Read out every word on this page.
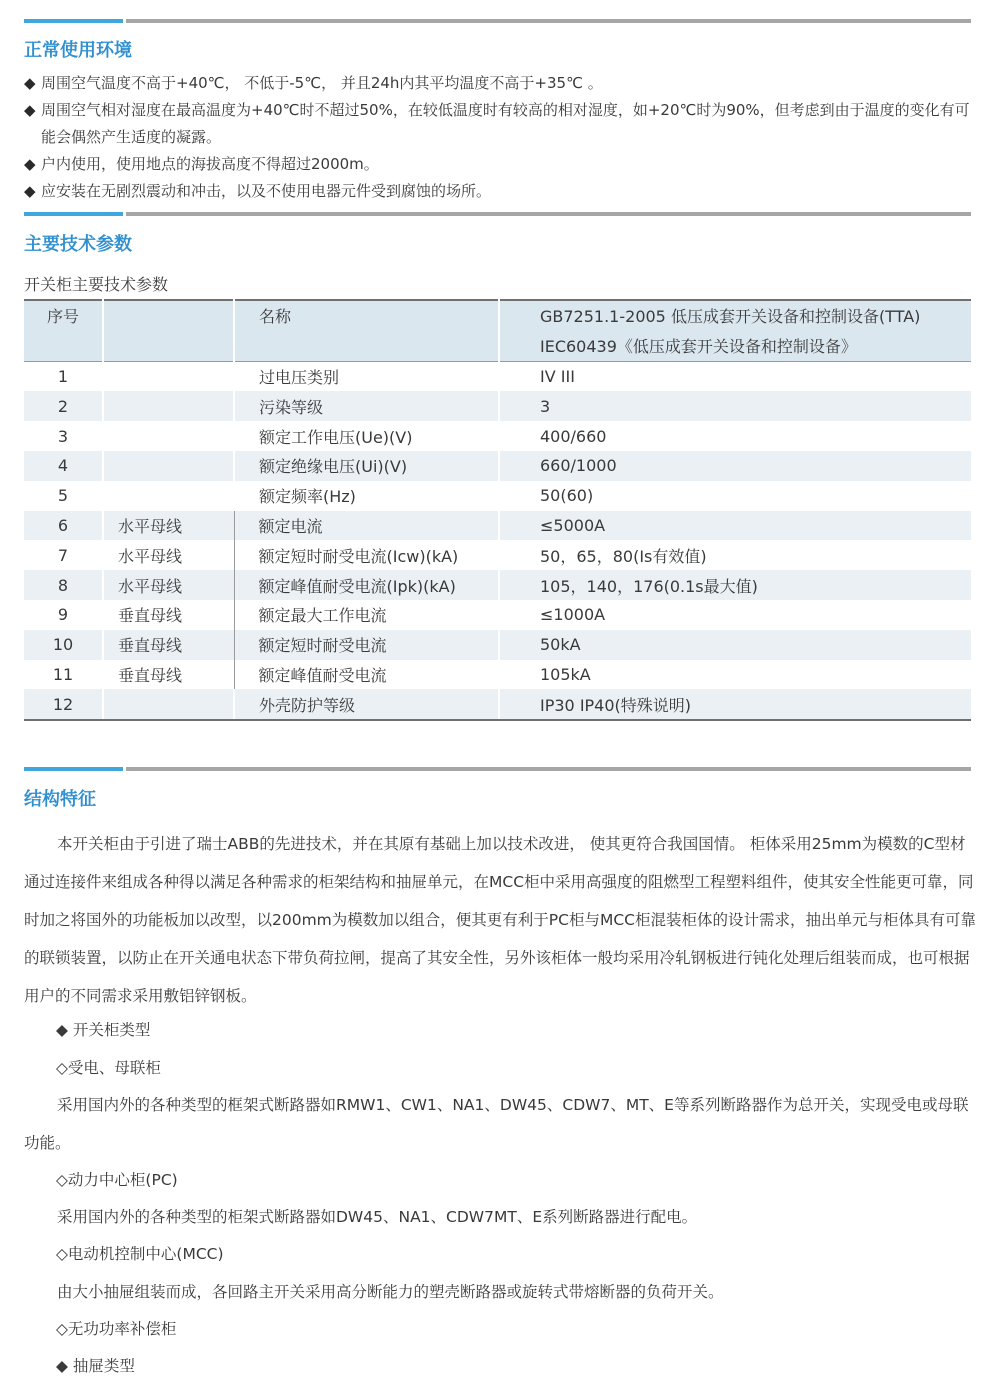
正常使用环境
◆ 周围空气温度不高于+40℃， 不低于-5℃， 并且24h内其平均温度不高于+35℃ 。
◆ 周围空气相对湿度在最高温度为+40℃时不超过50%，在较低温度时有较高的相对湿度，如+20℃时为90%，但考虑到由于温度的变化有可能会偶然产生适度的凝露。
◆ 户内使用，使用地点的海拔高度不得超过2000m。
◆ 应安装在无剧烈震动和冲击，以及不使用电器元件受到腐蚀的场所。
主要技术参数

开关柜主要技术参数

序号		名称	GB7251.1-2005 低压成套开关设备和控制设备(TTA)
			IEC60439《低压成套开关设备和控制设备》
1		过电压类别	IV III
2		污染等级	3
3		额定工作电压(Ue)(V)	400/660
4		额定绝缘电压(Ui)(V)	660/1000
5		额定频率(Hz)	50(60)
6	水平母线	额定电流	≤5000A
7	水平母线	额定短时耐受电流(Icw)(kA)	50，65，80(Is有效值)
8	水平母线	额定峰值耐受电流(Ipk)(kA)	105，140，176(0.1s最大值)
9	垂直母线	额定最大工作电流	≤1000A
10	垂直母线	额定短时耐受电流	50kA
11	垂直母线	额定峰值耐受电流	105kA
12		外壳防护等级	IP30 IP40(特殊说明)
结构特征

本开关柜由于引进了瑞士ABB的先进技术，并在其原有基础上加以技术改进， 使其更符合我国国情。 柜体采用25mm为模数的C型材通过连接件来组成各种得以满足各种需求的柜架结构和抽屉单元，在MCC柜中采用高强度的阻燃型工程塑料组件，使其安全性能更可靠，同时加之将国外的功能板加以改型，以200mm为模数加以组合，便其更有利于PC柜与MCC柜混装柜体的设计需求，抽出单元与柜体具有可靠的联锁装置，以防止在开关通电状态下带负荷拉闸，提高了其安全性，另外该柜体一般均采用冷轧钢板进行钝化处理后组装而成，也可根据用户的不同需求采用敷铝锌钢板。

◆ 开关柜类型

◇受电、母联柜

采用国内外的各种类型的框架式断路器如RMW1、CW1、NA1、DW45、CDW7、MT、E等系列断路器作为总开关，实现受电或母联功能。

◇动力中心柜(PC)

采用国内外的各种类型的柜架式断路器如DW45、NA1、CDW7MT、E系列断路器进行配电。

◇电动机控制中心(MCC)

由大小抽屉组装而成，各回路主开关采用高分断能力的塑壳断路器或旋转式带熔断器的负荷开关。

◇无功功率补偿柜

◆ 抽屉类型
